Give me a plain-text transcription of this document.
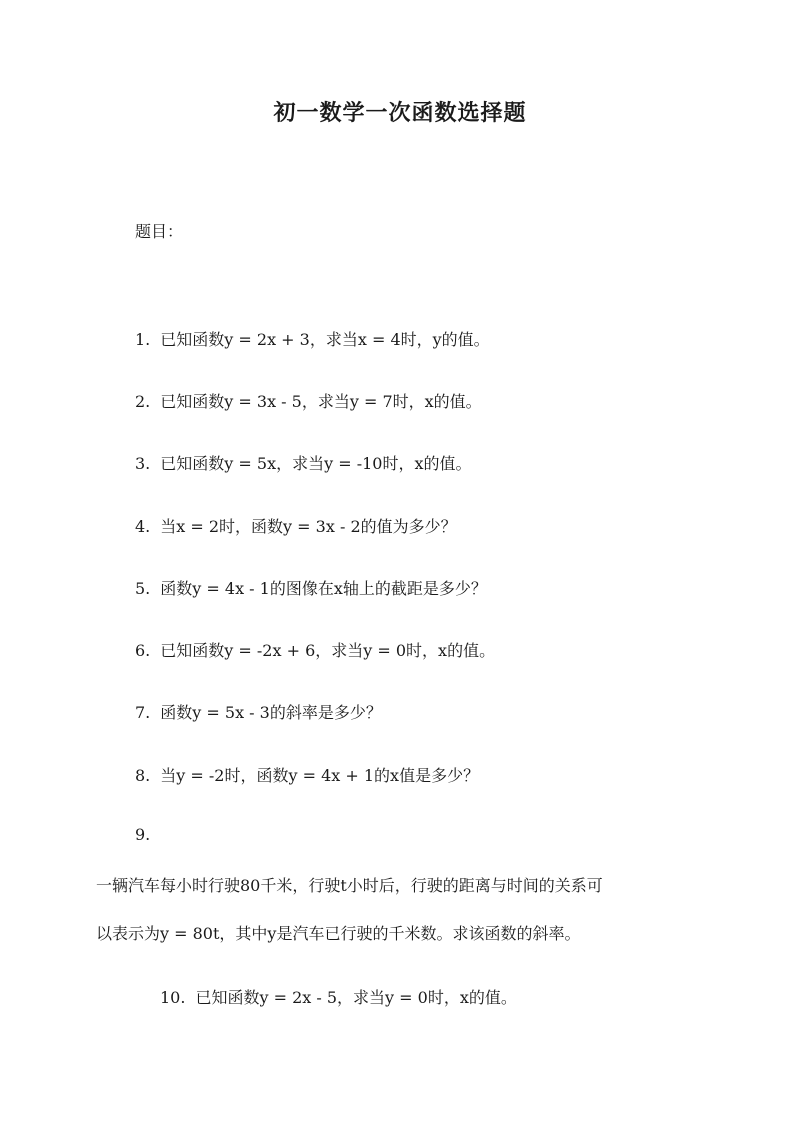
初一数学一次函数选择题
题目：
1. 已知函数y = 2x + 3，求当x = 4时，y的值。
2. 已知函数y = 3x - 5，求当y = 7时，x的值。
3. 已知函数y = 5x，求当y = -10时，x的值。
4. 当x = 2时，函数y = 3x - 2的值为多少？
5. 函数y = 4x - 1的图像在x轴上的截距是多少？
6. 已知函数y = -2x + 6，求当y = 0时，x的值。
7. 函数y = 5x - 3的斜率是多少？
8. 当y = -2时，函数y = 4x + 1的x值是多少？
9.
一辆汽车每小时行驶80千米，行驶t小时后，行驶的距离与时间的关系可
以表示为y = 80t，其中y是汽车已行驶的千米数。求该函数的斜率。
10. 已知函数y = 2x - 5，求当y = 0时，x的值。
